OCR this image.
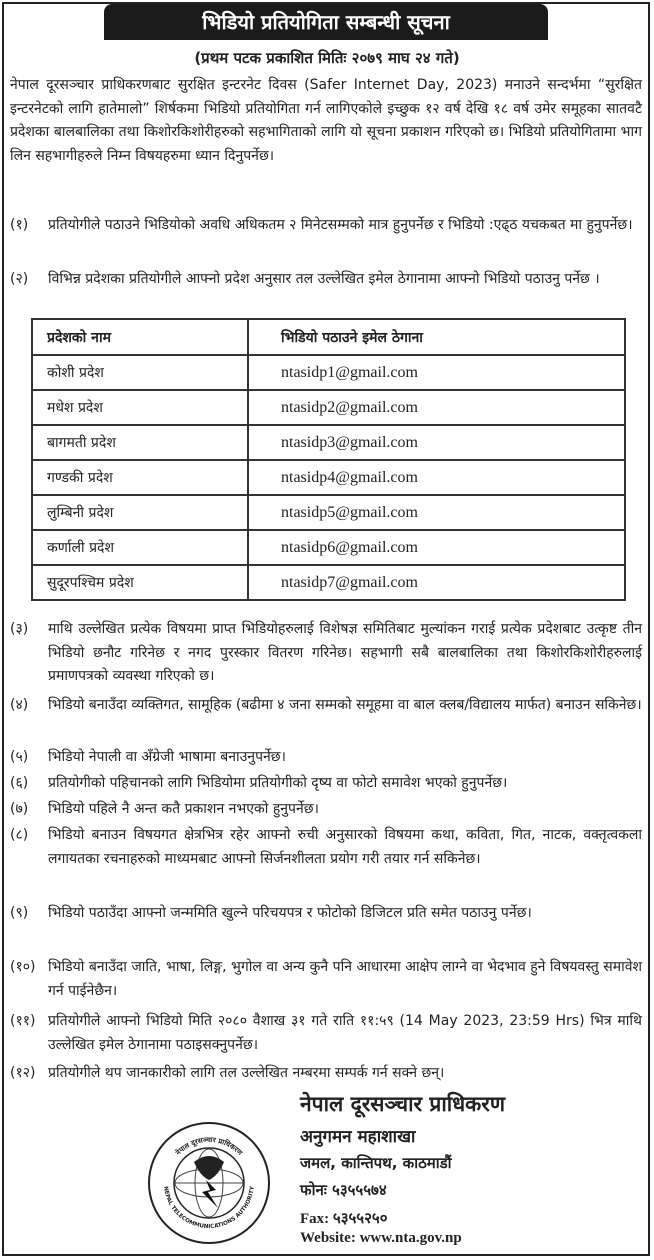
भिडियो प्रतियोगिता सम्बन्धी सूचना
(प्रथम पटक प्रकाशित मितिः २०७९ माघ २४ गते)
नेपाल दूरसञ्चार प्राधिकरणबाट सुरक्षित इन्टरनेट दिवस (Safer Internet Day, 2023) मनाउने सन्दर्भमा “सुरक्षित इन्टरनेटको लागि हातेमालो” शिर्षकमा भिडियो प्रतियोगिता गर्न लागिएकोले इच्छुक १२ वर्ष देखि १८ वर्ष उमेर समूहका सातवटै प्रदेशका बालबालिका तथा किशोरकिशोरीहरुको सहभागिताको लागि यो सूचना प्रकाशन गरिएको छ। भिडियो प्रतियोगितामा भाग लिन सहभागीहरुले निम्न विषयहरुमा ध्यान दिनुपर्नेछ।
(१)	प्रतियोगीले पठाउने भिडियोको अवधि अधिकतम २ मिनेटसम्मको मात्र हुनुपर्नेछ र भिडियो :एढ्ठ यचकबत मा हुनुपर्नेछ।
(२)	विभिन्न प्रदेशका प्रतियोगीले आफ्नो प्रदेश अनुसार तल उल्लेखित इमेल ठेगानामा आफ्नो भिडियो पठाउनु पर्नेछ ।
प्रदेशको नाम	भिडियो पठाउने इमेल ठेगाना
कोशी प्रदेश	ntasidp1@gmail.com
मधेश प्रदेश	ntasidp2@gmail.com
बागमती प्रदेश	ntasidp3@gmail.com
गण्डकी प्रदेश	ntasidp4@gmail.com
लुम्बिनी प्रदेश	ntasidp5@gmail.com
कर्णाली प्रदेश	ntasidp6@gmail.com
सुदूरपश्चिम प्रदेश	ntasidp7@gmail.com
(३)	माथि उल्लेखित प्रत्येक विषयमा प्राप्त भिडियोहरुलाई विशेषज्ञ समितिबाट मुल्यांकन गराई प्रत्येक प्रदेशबाट उत्कृष्ट तीन भिडियो छनौट गरिनेछ र नगद पुरस्कार वितरण गरिनेछ। सहभागी सबै बालबालिका तथा किशोरकिशोरीहरुलाई प्रमाणपत्रको व्यवस्था गरिएको छ।
(४)	भिडियो बनाउँदा व्यक्तिगत, सामूहिक (बढीमा ४ जना सम्मको समूहमा वा बाल क्लब/विद्यालय मार्फत) बनाउन सकिनेछ।
(५)	भिडियो नेपाली वा अँग्रेजी भाषामा बनाउनुपर्नेछ।
(६)	प्रतियोगीको पहिचानको लागि भिडियोमा प्रतियोगीको दृष्य वा फोटो समावेश भएको हुनुपर्नेछ।
(७)	भिडियो पहिले नै अन्त कतै प्रकाशन नभएको हुनुपर्नेछ।
(८)	भिडियो बनाउन विषयगत क्षेत्रभित्र रहेर आफ्नो रुची अनुसारको विषयमा कथा, कविता, गित, नाटक, वक्तृत्वकला लगायतका रचनाहरुको माध्यमबाट आफ्नो सिर्जनशीलता प्रयोग गरी तयार गर्न सकिनेछ।
(९)	भिडियो पठाउँदा आफ्नो जन्ममिति खुल्ने परिचयपत्र र फोटोको डिजिटल प्रति समेत पठाउनु पर्नेछ।
(१०) भिडियो बनाउँदा जाति, भाषा, लिङ्ग, भुगोल वा अन्य कुनै पनि आधारमा आक्षेप लाग्ने वा भेदभाव हुने विषयवस्तु समावेश गर्न पाईनेछैन।
(११) प्रतियोगीले आफ्नो भिडियो मिति २०८० वैशाख ३१ गते राति ११:५९ (14 May 2023, 23:59 Hrs) भित्र माथि उल्लेखित इमेल ठेगानामा पठाइसक्नुपर्नेछ।
(१२) प्रतियोगीले थप जानकारीको लागि तल उल्लेखित नम्बरमा सम्पर्क गर्न सक्ने छन्।
नेपाल दूरसञ्चार प्राधिकरण
NEPAL TELECOMMUNICATIONS AUTHORITY
नेपाल दूरसञ्चार प्राधिकरण
अनुगमन महाशाखा
जमल, कान्तिपथ, काठमाडौं
फोनः ५३५५५७४
Fax: ५३५५२५०
Website: www.nta.gov.np
